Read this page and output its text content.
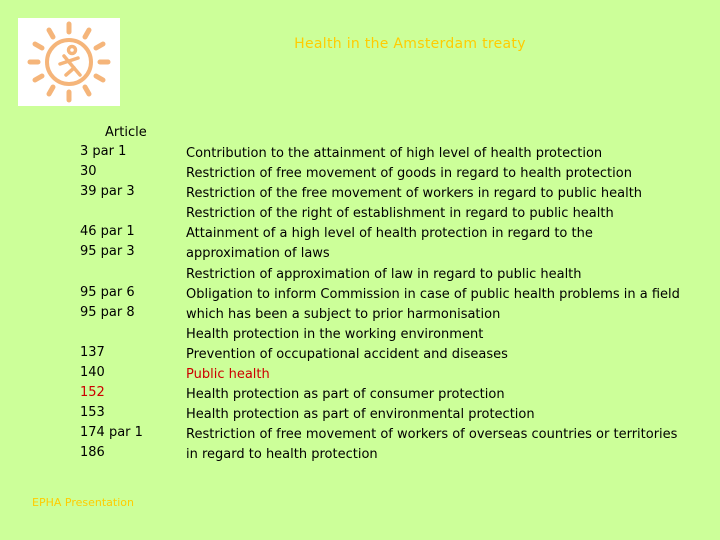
Health in the Amsterdam treaty
Article
3 par 1
30
39 par 3

46 par 1
95 par 3

95 par 6
95 par 8

137
140
152
153
174 par 1
186
Contribution to the attainment of high level of health protection
Restriction of free movement of goods in regard to health protection
Restriction of the free movement of workers in regard to public health
Restriction of the right of establishment in regard to public health
Attainment of a high level of health protection in regard to the approximation of laws
Restriction of approximation of law in regard to public health
Obligation to inform Commission in case of public health problems in a field which has been a subject to prior harmonisation
Health protection in the working environment
Prevention of occupational accident and diseases
Public health
Health protection as part of consumer protection
Health protection as part of environmental protection
Restriction of free movement of workers of overseas countries or territories in regard to health protection
EPHA Presentation
